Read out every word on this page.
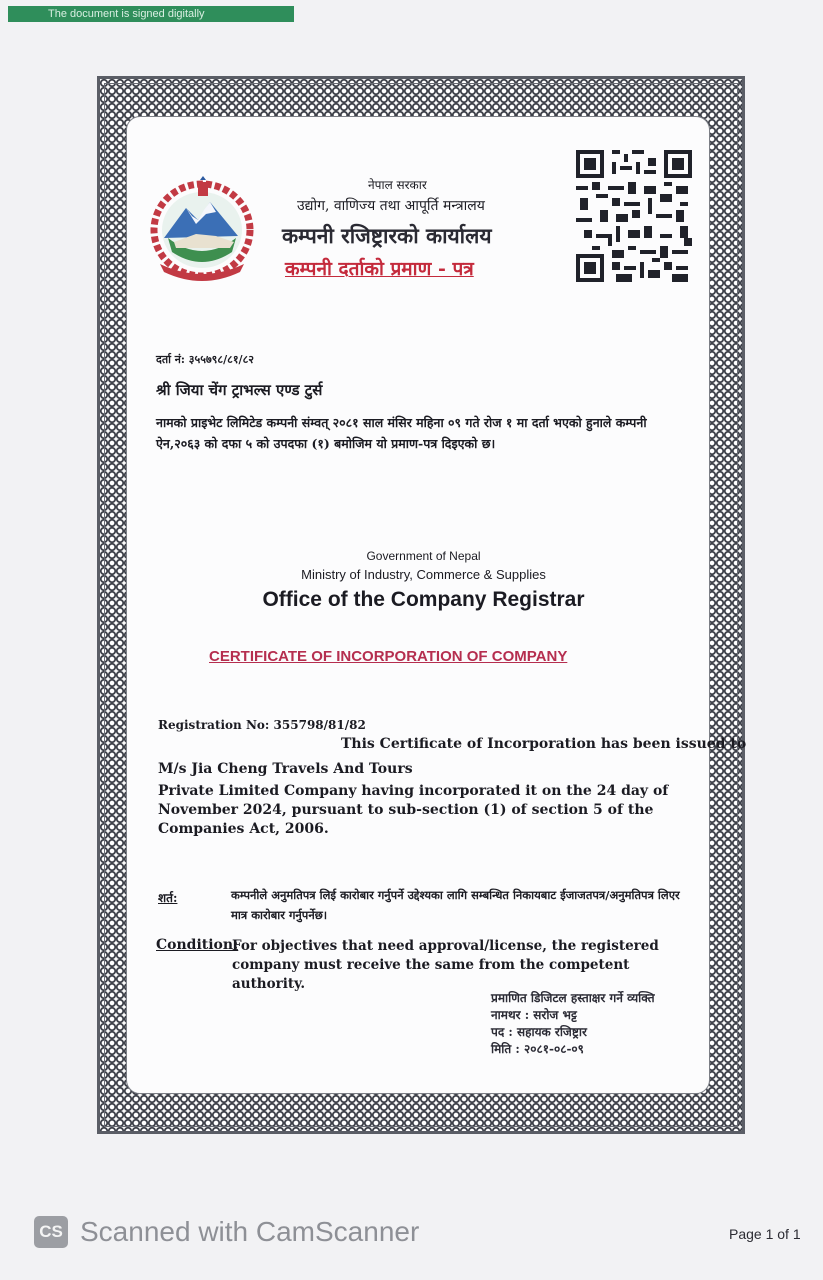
The document is signed digitally
नेपाल सरकार
उद्योग, वाणिज्य तथा आपूर्ति मन्त्रालय
कम्पनी रजिष्ट्रारको कार्यालय
कम्पनी दर्ताको प्रमाण - पत्र
दर्ता नं: ३५५७९८/८१/८२
श्री जिया चेंग ट्राभल्स एण्ड टुर्स
नामको प्राइभेट लिमिटेड कम्पनी संम्वत् २०८१ साल मंसिर महिना ०९ गते रोज १ मा दर्ता भएको हुनाले कम्पनी ऐन,२०६३ को दफा ५ को उपदफा (१) बमोजिम यो प्रमाण-पत्र दिइएको छ।
Government of Nepal
Ministry of Industry, Commerce & Supplies
Office of the Company Registrar
CERTIFICATE OF INCORPORATION OF COMPANY
Registration No: 355798/81/82
This Certificate of Incorporation has been issued to
M/s Jia Cheng Travels And Tours
Private Limited Company having incorporated it on the 24 day of November 2024, pursuant to sub-section (1) of section 5 of the Companies Act, 2006.
शर्त:	कम्पनीले अनुमतिपत्र लिई कारोबार गर्नुपर्ने उद्देश्यका लागि सम्बन्धित निकायबाट ईजाजतपत्र/अनुमतिपत्र लिएर मात्र कारोबार गर्नुपर्नेछ।
Condition:
For objectives that need approval/license, the registered company must receive the same from the competent authority.
प्रमाणित डिजिटल हस्ताक्षर गर्ने व्यक्ति
नामथर : सरोज भट्ट
पद : सहायक रजिष्ट्रार
मिति : २०८१-०८-०९
CS Scanned with CamScanner	Page 1 of 1
